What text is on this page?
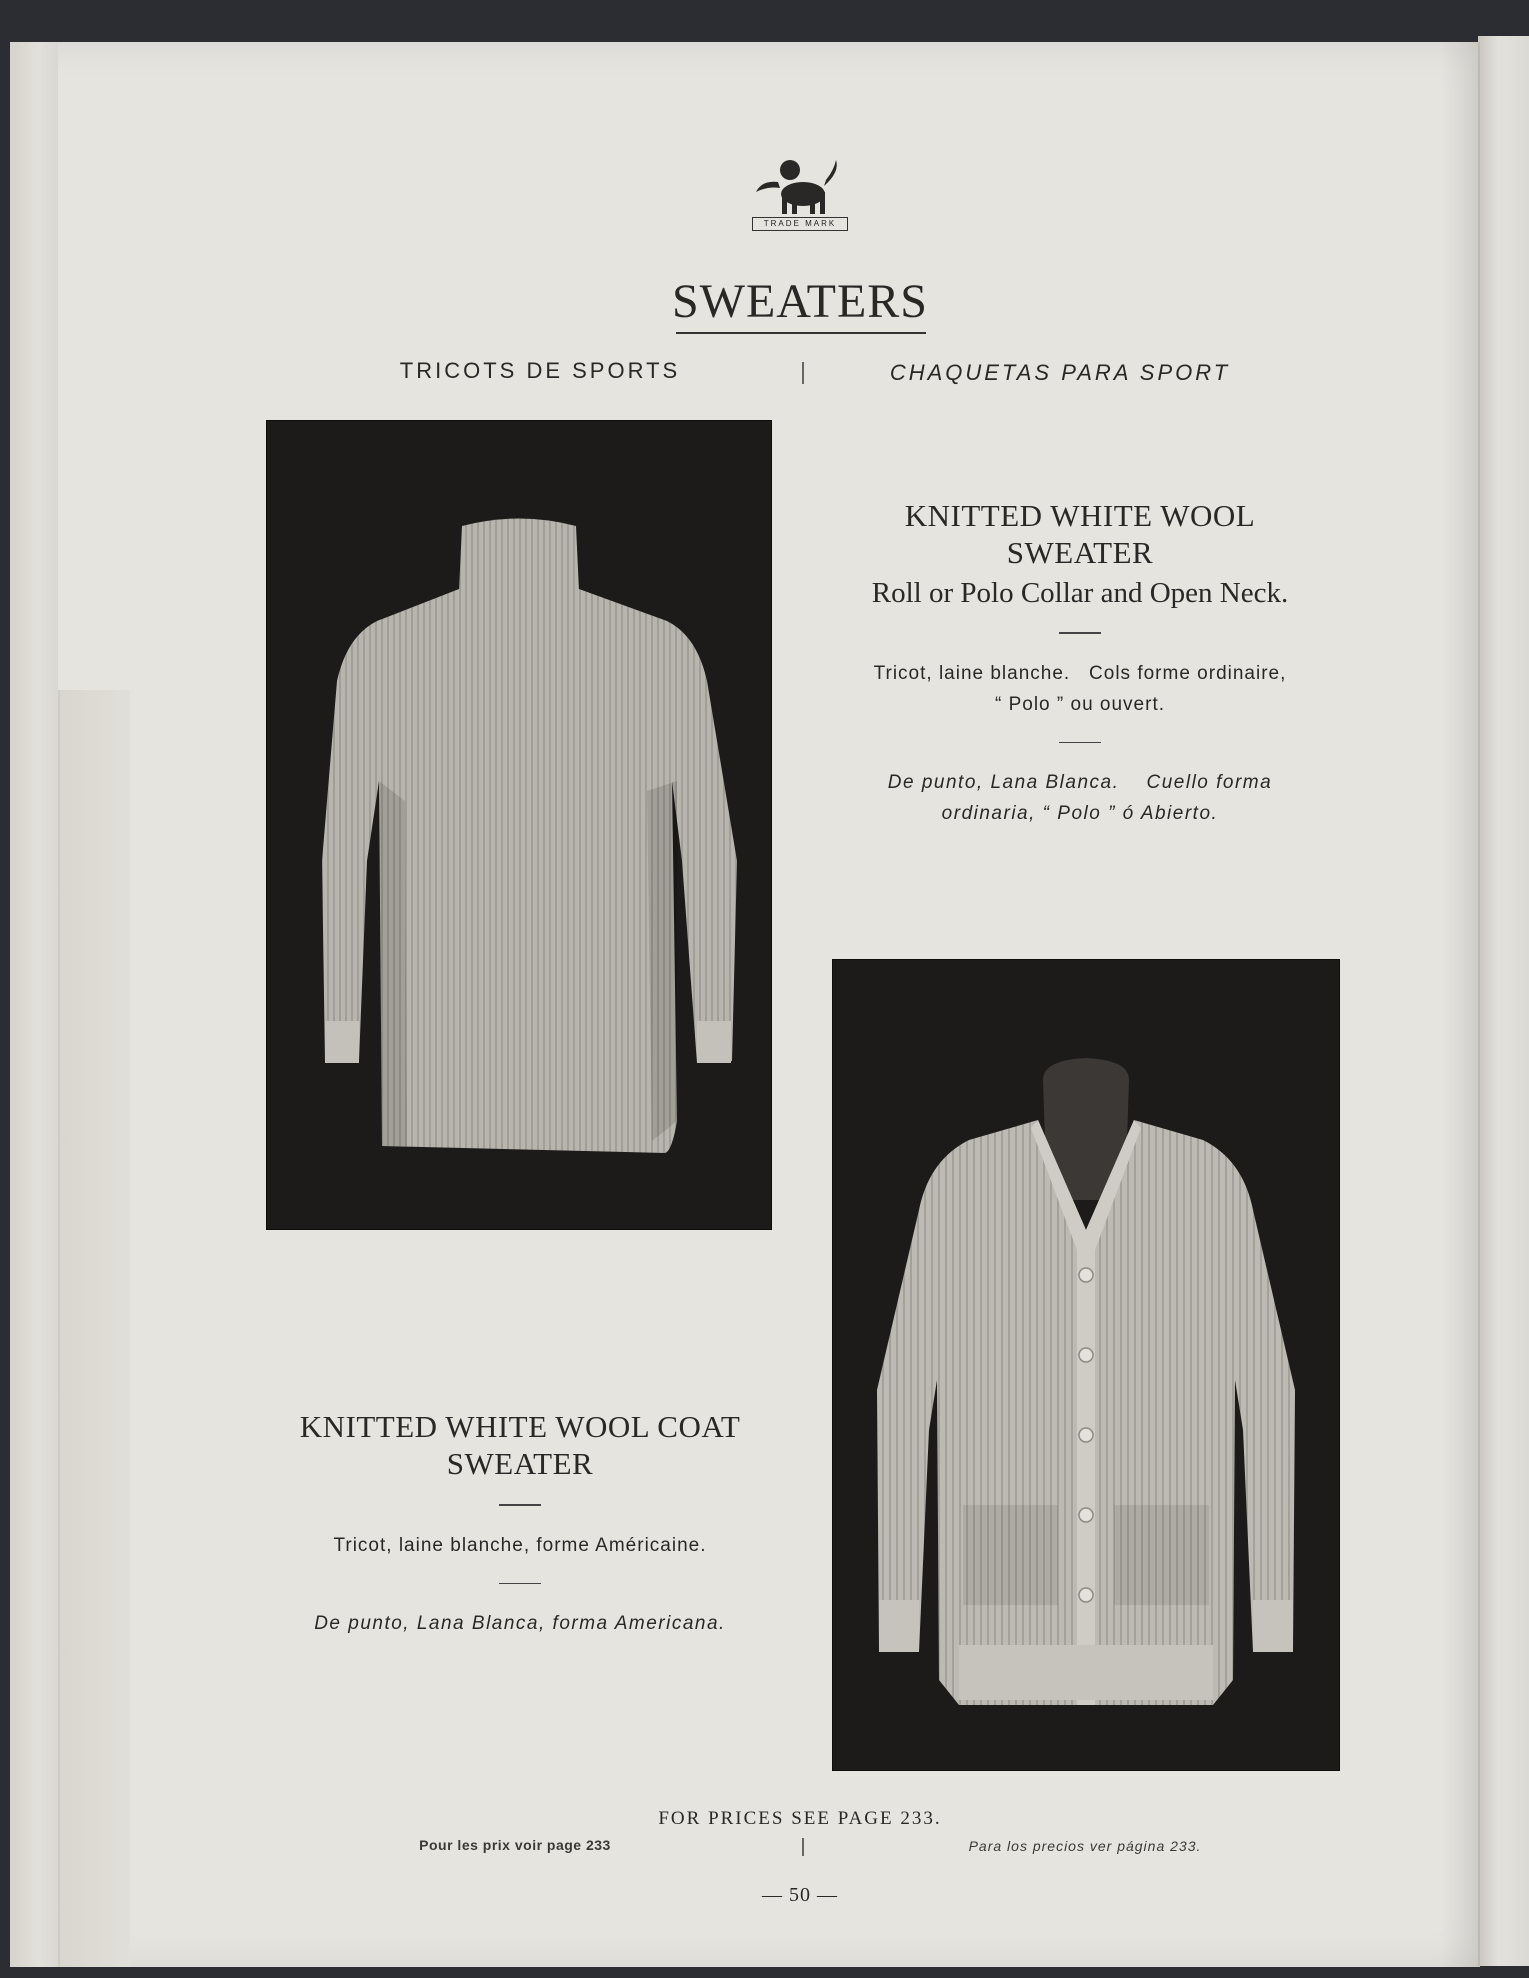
TRADE MARK
SWEATERS
TRICOTS DE SPORTS	CHAQUETAS PARA SPORT
KNITTED WHITE WOOL
SWEATER
Roll or Polo Collar and Open Neck.
Tricot, laine blanche.   Cols forme ordinaire,
“ Polo ” ou ouvert.
De punto, Lana Blanca.    Cuello forma
ordinaria, “ Polo ” ó Abierto.
KNITTED WHITE WOOL COAT
SWEATER
Tricot, laine blanche, forme Américaine.
De punto, Lana Blanca, forma Americana.
FOR PRICES SEE PAGE 233.
Pour les prix voir page 233	Para los precios ver página 233.
— 50 —
